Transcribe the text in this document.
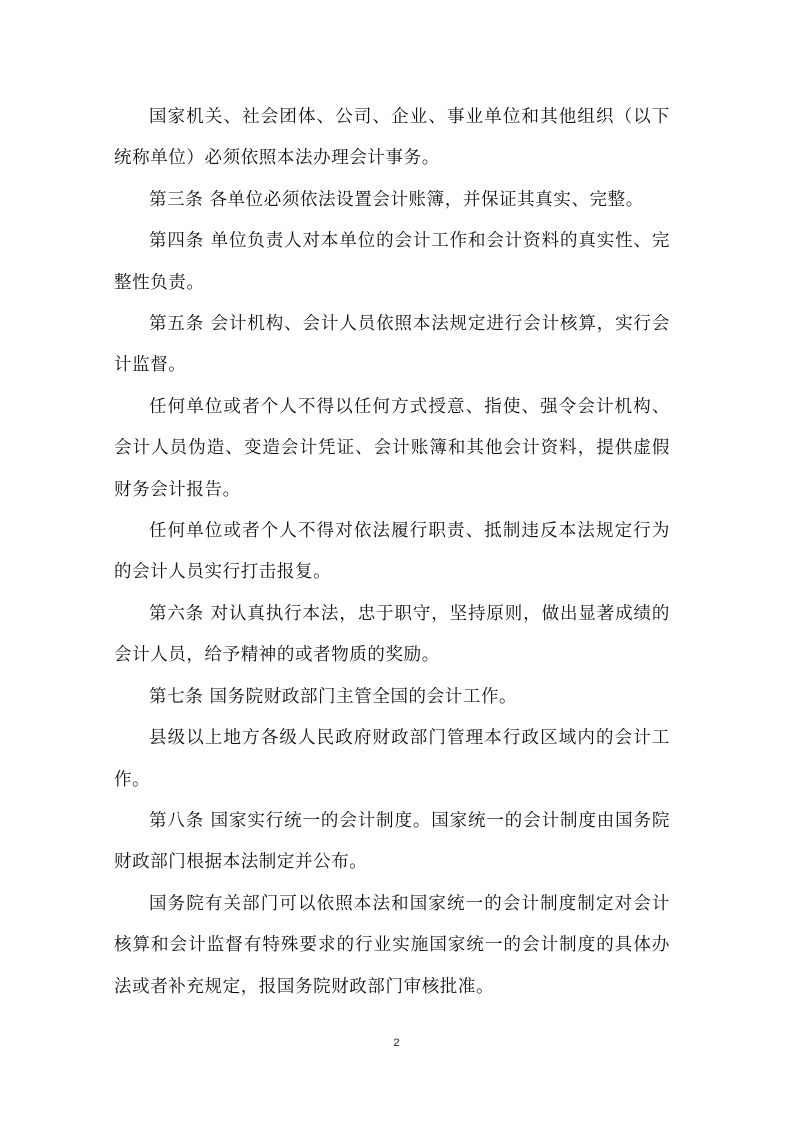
国家机关、社会团体、公司、企业、事业单位和其他组织（以下统称单位）必须依照本法办理会计事务。

第三条 各单位必须依法设置会计账簿，并保证其真实、完整。

第四条 单位负责人对本单位的会计工作和会计资料的真实性、完整性负责。

第五条 会计机构、会计人员依照本法规定进行会计核算，实行会计监督。

任何单位或者个人不得以任何方式授意、指使、强令会计机构、会计人员伪造、变造会计凭证、会计账簿和其他会计资料，提供虚假财务会计报告。

任何单位或者个人不得对依法履行职责、抵制违反本法规定行为的会计人员实行打击报复。

第六条 对认真执行本法，忠于职守，坚持原则，做出显著成绩的会计人员，给予精神的或者物质的奖励。

第七条 国务院财政部门主管全国的会计工作。

县级以上地方各级人民政府财政部门管理本行政区域内的会计工作。

第八条 国家实行统一的会计制度。国家统一的会计制度由国务院财政部门根据本法制定并公布。

国务院有关部门可以依照本法和国家统一的会计制度制定对会计核算和会计监督有特殊要求的行业实施国家统一的会计制度的具体办法或者补充规定，报国务院财政部门审核批准。

2
